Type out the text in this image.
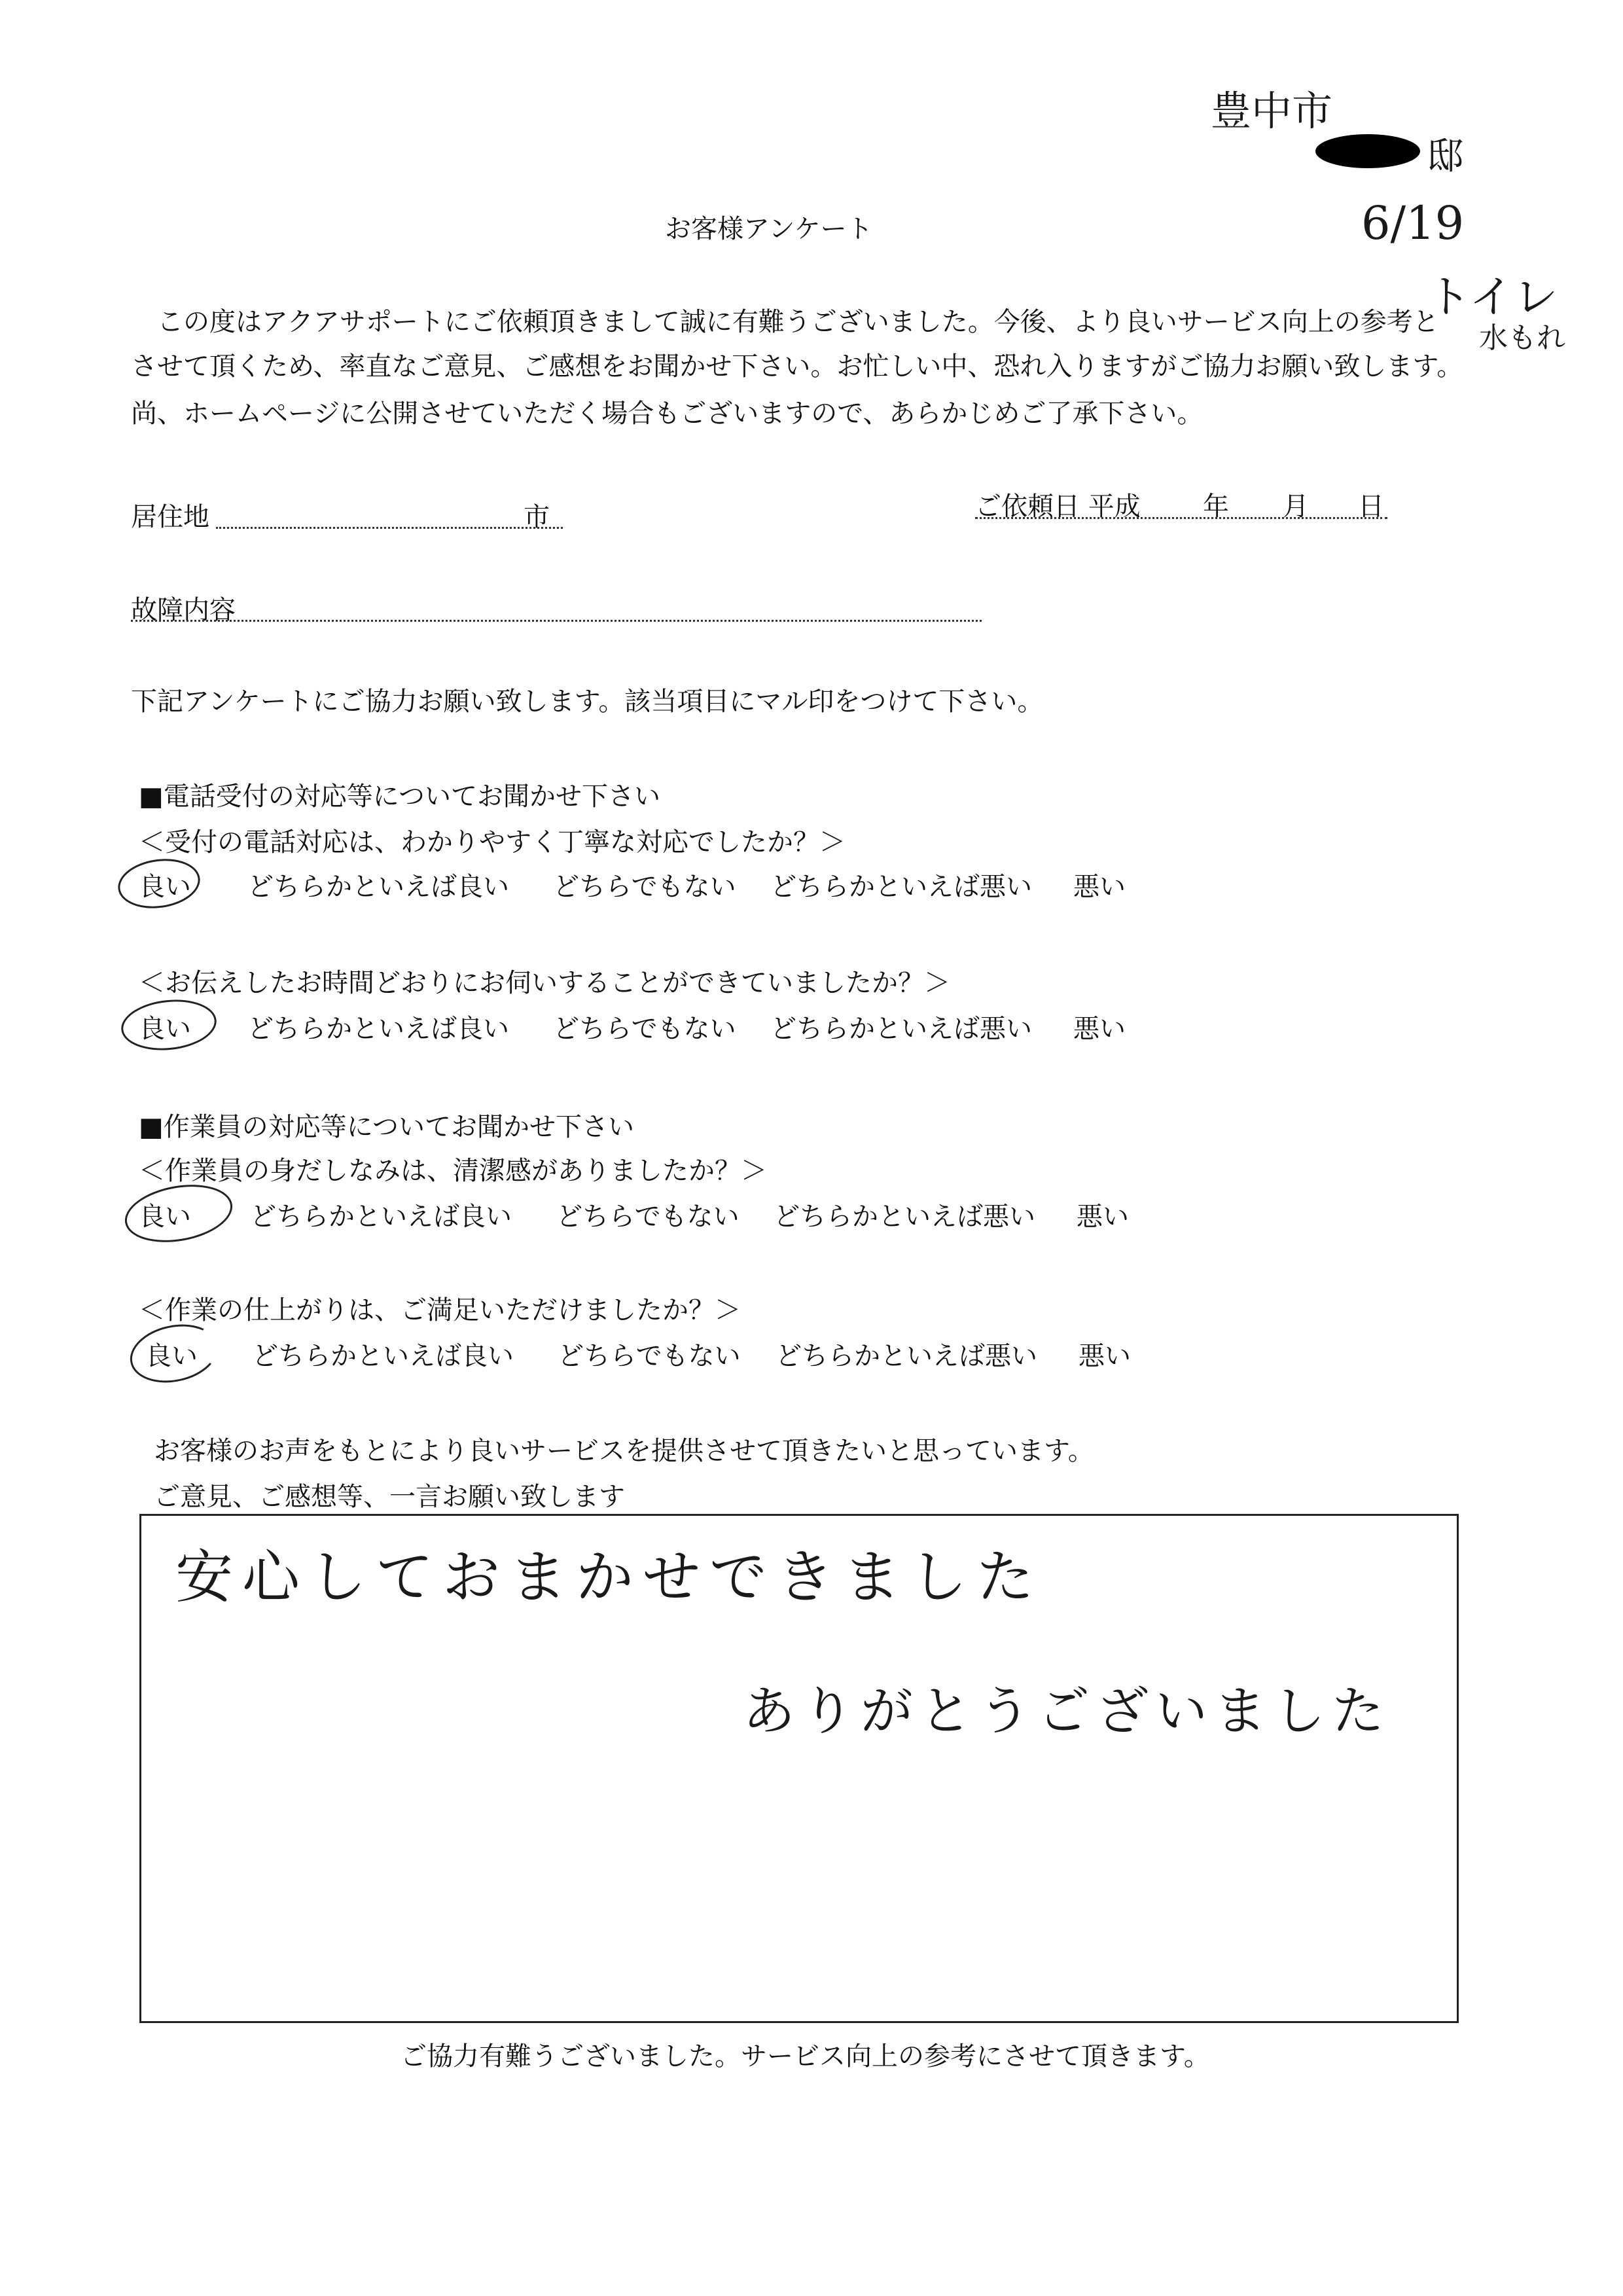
豊中市
邸
6/19
トイレ
水もれ
お客様アンケート
この度はアクアサポートにご依頼頂きまして誠に有難うございました。今後、より良いサービス向上の参考と
させて頂くため、率直なご意見、ご感想をお聞かせ下さい。お忙しい中、恐れ入りますがご協力お願い致します。
尚、ホームページに公開させていただく場合もございますので、あらかじめご了承下さい。
居住地	市	ご依頼日 平成 年 月 日
故障内容
下記アンケートにご協力お願い致します。該当項目にマル印をつけて下さい。
■電話受付の対応等についてお聞かせ下さい
＜受付の電話対応は、わかりやすく丁寧な対応でしたか？＞
良い どちらかといえば良い どちらでもない どちらかといえば悪い 悪い
＜お伝えしたお時間どおりにお伺いすることができていましたか？＞
良い どちらかといえば良い どちらでもない どちらかといえば悪い 悪い
■作業員の対応等についてお聞かせ下さい
＜作業員の身だしなみは、清潔感がありましたか？＞
良い どちらかといえば良い どちらでもない どちらかといえば悪い 悪い
＜作業の仕上がりは、ご満足いただけましたか？＞
良い どちらかといえば良い どちらでもない どちらかといえば悪い 悪い
お客様のお声をもとにより良いサービスを提供させて頂きたいと思っています。
ご意見、ご感想等、一言お願い致します
安心しておまかせできました
ありがとうございました
ご協力有難うございました。サービス向上の参考にさせて頂きます。
